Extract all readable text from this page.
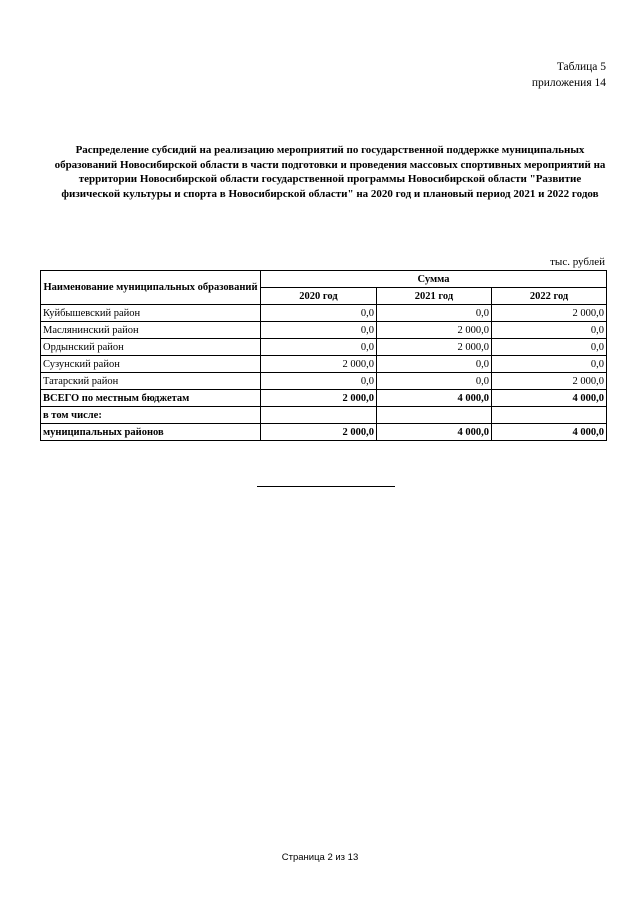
Таблица 5
приложения 14
Распределение субсидий на реализацию мероприятий по государственной поддержке муниципальных образований Новосибирской области в части подготовки и проведения массовых спортивных мероприятий на территории Новосибирской области государственной программы Новосибирской области "Развитие физической культуры и спорта в Новосибирской области" на 2020 год и плановый период 2021 и 2022 годов
тыс. рублей
Наименование муниципальных образований	Сумма		
	2020 год	2021 год	2022 год
Куйбышевский район	0,0	0,0	2 000,0
Маслянинский район	0,0	2 000,0	0,0
Ордынский район	0,0	2 000,0	0,0
Сузунский район	2 000,0	0,0	0,0
Татарский район	0,0	0,0	2 000,0
ВСЕГО по местным бюджетам	2 000,0	4 000,0	4 000,0
в том числе:			
муниципальных районов	2 000,0	4 000,0	4 000,0
Страница 2 из 13
